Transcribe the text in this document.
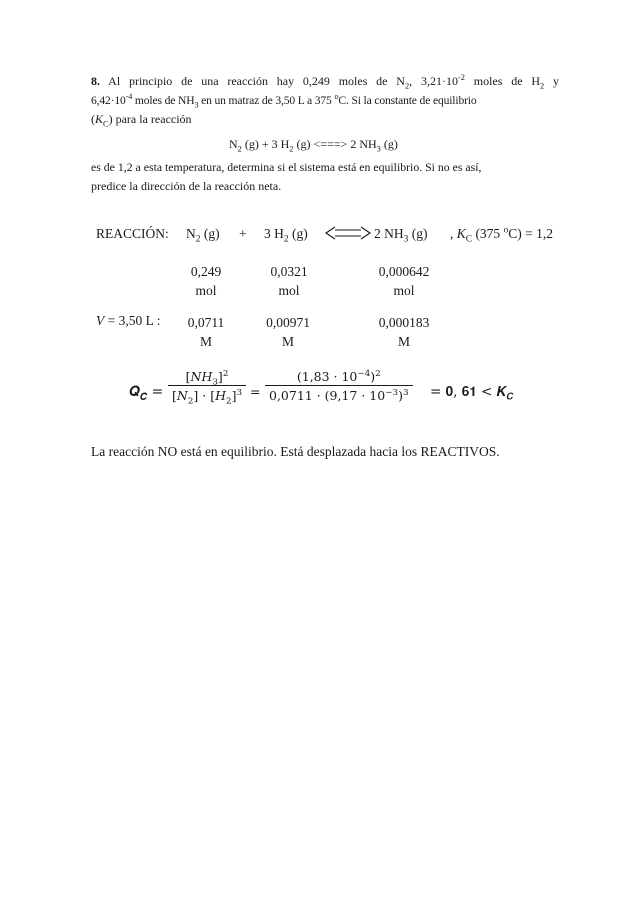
8. Al principio de una reacción hay 0,249 moles de $N_2$, $3,21\cdot 10^{-2}$ moles de $H_2$ y
$6,42\cdot 10^{-4}$ moles de $NH_3$ en un matraz de 3,50 L a 375 $^o$C. Si la constante de equilibrio
$(K_C)$ para la reacción
$N_2$ (g) + 3 $H_2$ (g) <===> 2 $NH_3$ (g)
es de 1,2 a esta temperatura, determina si el sistema está en equilibrio. Si no es así,
predice la dirección de la reacción neta.
REACCIÓN: $N_2$ (g) + 3 $H_2$ (g) ⇌ 2 $NH_3$ (g) , $K_C$ (375 $^o$C) = 1,2
0,249
mol
0,0321
mol
0,000642
mol
V = 3,50 L :	0,0711
M
0,00971
M
0,000183
M
𝑸$_𝑪$ =
[𝑁𝐻$_3$]$^2$
[𝑁$_2$] · [𝐻$_2$]$^3$ =
$(1,83 \cdot 10^{-4})^2$
$0,0711 \cdot (9,17 \cdot 10^{-3})^3$ = 𝟎, 𝟔𝟏 < 𝑲$_𝑪$
La reacción NO está en equilibrio. Está desplazada hacia los REACTIVOS.
